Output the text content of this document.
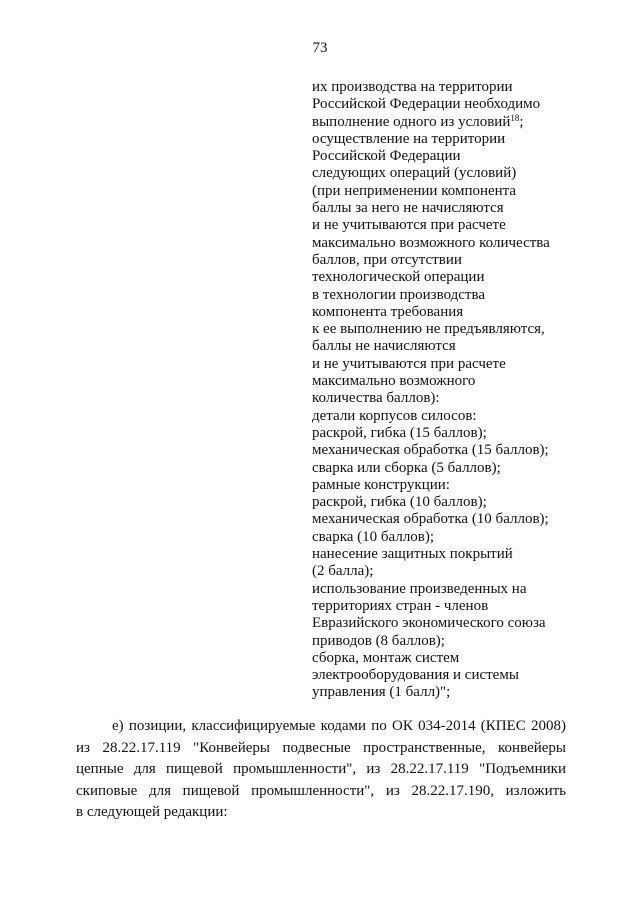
73
их производства на территории
Российской Федерации необходимо
выполнение одного из условий$^{18}$;
осуществление на территории
Российской Федерации
следующих операций (условий)
(при неприменении компонента
баллы за него не начисляются
и не учитываются при расчете
максимально возможного количества
баллов, при отсутствии
технологической операции
в технологии производства
компонента требования
к ее выполнению не предъявляются,
баллы не начисляются
и не учитываются при расчете
максимально возможного
количества баллов):
детали корпусов силосов:
раскрой, гибка (15 баллов);
механическая обработка (15 баллов);
сварка или сборка (5 баллов);
рамные конструкции:
раскрой, гибка (10 баллов);
механическая обработка (10 баллов);
сварка (10 баллов);
нанесение защитных покрытий
(2 балла);
использование произведенных на
территориях стран - членов
Евразийского экономического союза
приводов (8 баллов);
сборка, монтаж систем
электрооборудования и системы
управления (1 балл)";
е) позиции, классифицируемые кодами по ОК 034-2014 (КПЕС 2008)
из 28.22.17.119 "Конвейеры подвесные пространственные, конвейеры
цепные для пищевой промышленности", из 28.22.17.119 "Подъемники
скиповые для пищевой промышленности", из 28.22.17.190, изложить
в следующей редакции:
